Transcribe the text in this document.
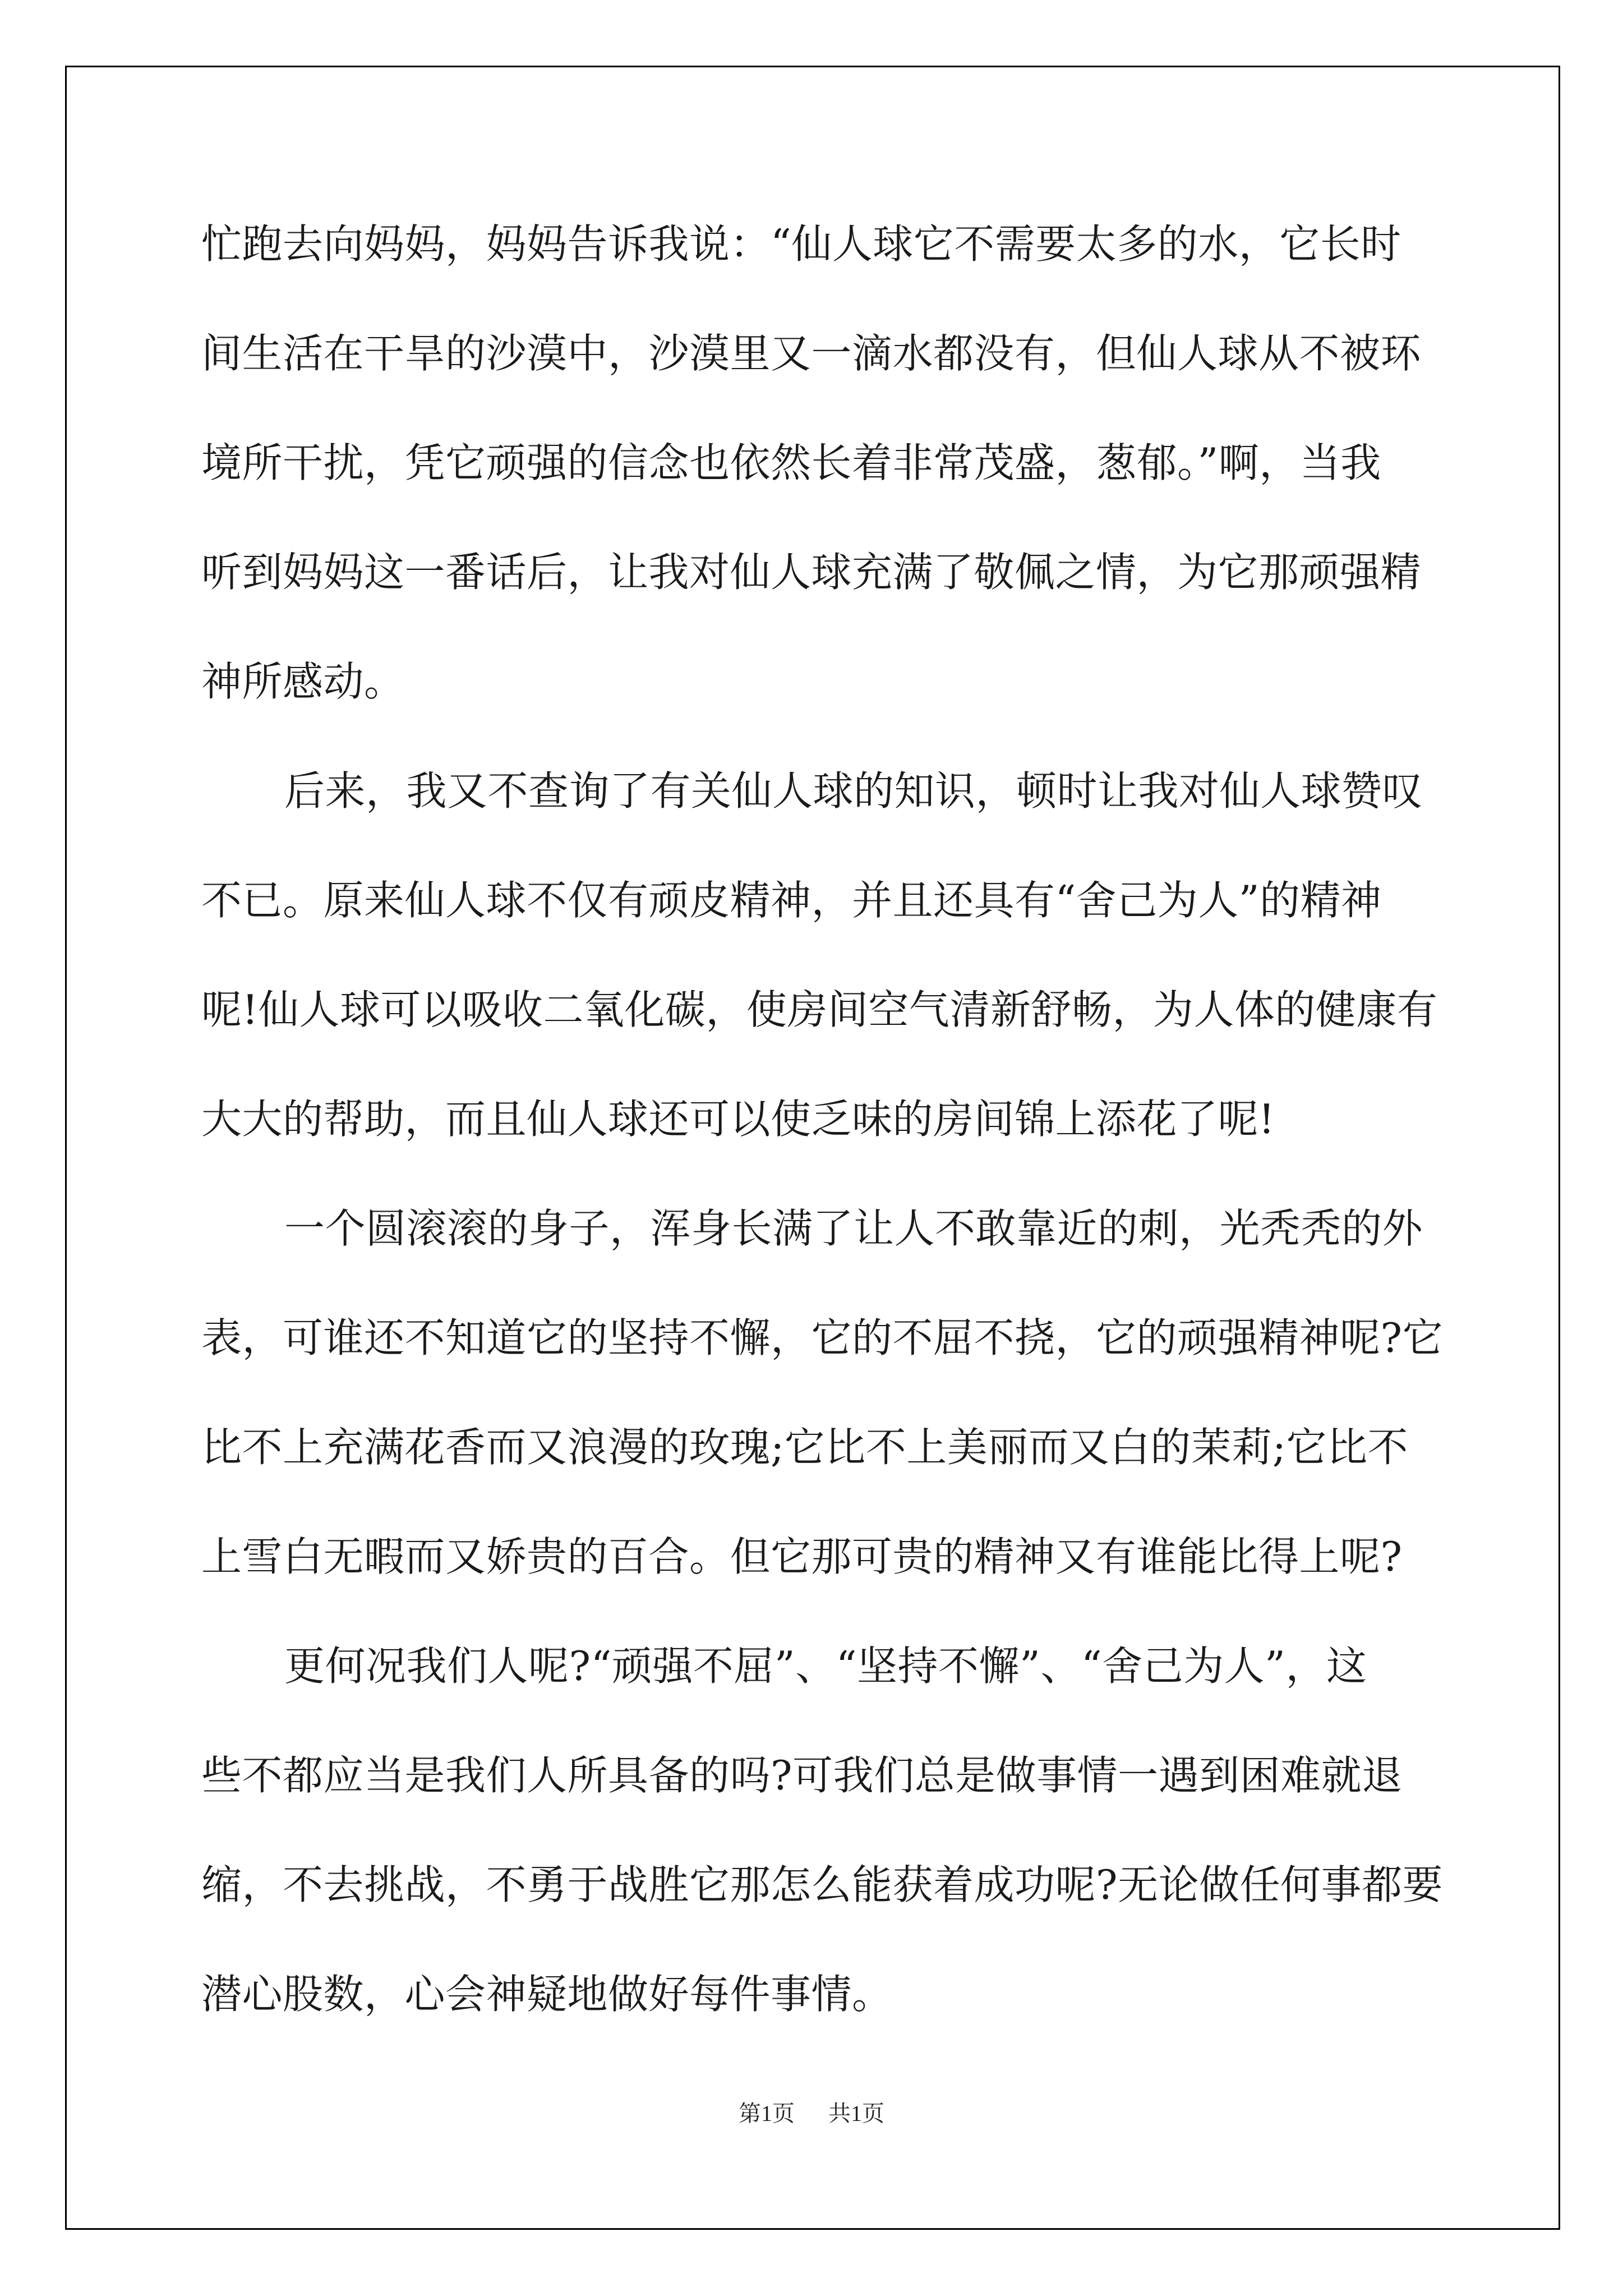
忙跑去向妈妈，妈妈告诉我说：“仙人球它不需要太多的水，它长时
间生活在干旱的沙漠中，沙漠里又一滴水都没有，但仙人球从不被环
境所干扰，凭它顽强的信念也依然长着非常茂盛，葱郁。”啊，当我
听到妈妈这一番话后，让我对仙人球充满了敬佩之情，为它那顽强精
神所感动。
后来，我又不查询了有关仙人球的知识，顿时让我对仙人球赞叹
不已。原来仙人球不仅有顽皮精神，并且还具有“舍己为人”的精神
呢!仙人球可以吸收二氧化碳，使房间空气清新舒畅，为人体的健康有
大大的帮助，而且仙人球还可以使乏味的房间锦上添花了呢!
一个圆滚滚的身子，浑身长满了让人不敢靠近的刺，光秃秃的外
表，可谁还不知道它的坚持不懈，它的不屈不挠，它的顽强精神呢?它
比不上充满花香而又浪漫的玫瑰;它比不上美丽而又白的茉莉;它比不
上雪白无暇而又娇贵的百合。但它那可贵的精神又有谁能比得上呢?
更何况我们人呢?“顽强不屈”、“坚持不懈”、“舍己为人”，这
些不都应当是我们人所具备的吗?可我们总是做事情一遇到困难就退
缩，不去挑战，不勇于战胜它那怎么能获着成功呢?无论做任何事都要
潜心股数，心会神疑地做好每件事情。
第1页 共1页
